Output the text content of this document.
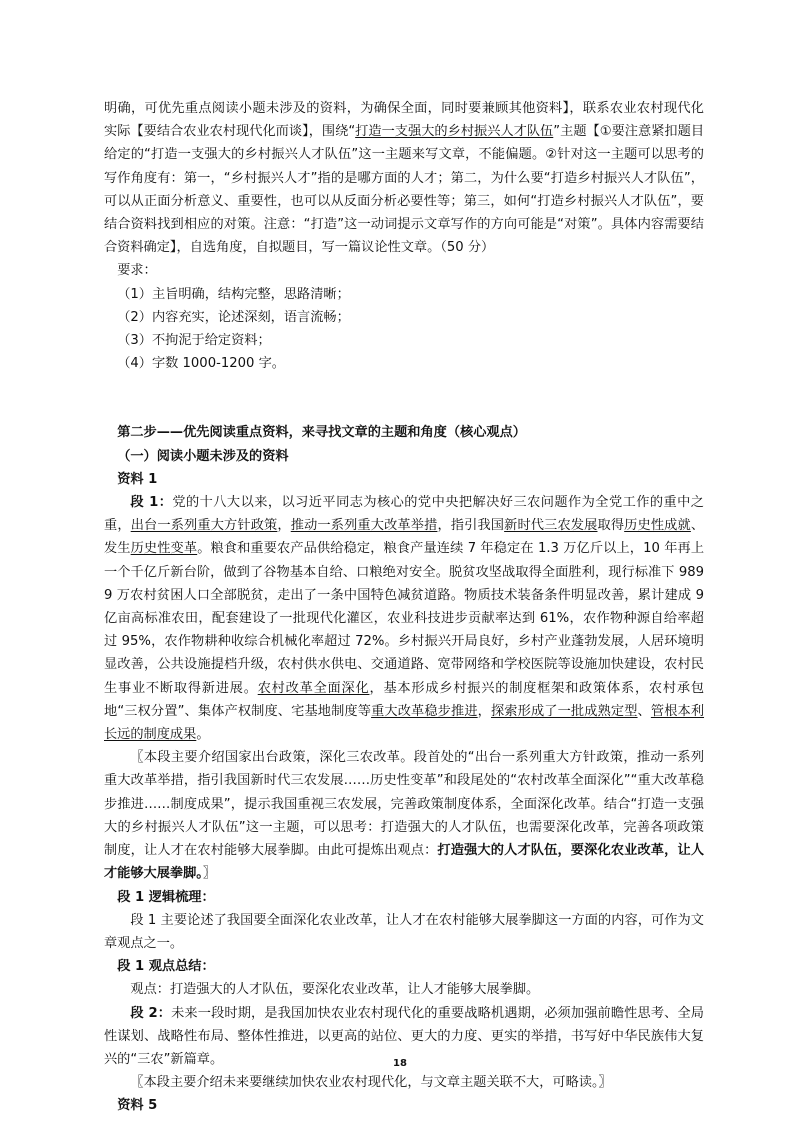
明确，可优先重点阅读小题未涉及的资料，为确保全面，同时要兼顾其他资料】，联系农业农村现代化实际【要结合农业农村现代化而谈】，围绕“打造一支强大的乡村振兴人才队伍”主题【①要注意紧扣题目给定的“打造一支强大的乡村振兴人才队伍”这一主题来写文章，不能偏题。②针对这一主题可以思考的写作角度有：第一，“乡村振兴人才”指的是哪方面的人才；第二，为什么要“打造乡村振兴人才队伍”，可以从正面分析意义、重要性，也可以从反面分析必要性等；第三，如何“打造乡村振兴人才队伍”，要结合资料找到相应的对策。注意：“打造”这一动词提示文章写作的方向可能是“对策”。具体内容需要结合资料确定】，自选角度，自拟题目，写一篇议论性文章。（50 分）

要求：

（1）主旨明确，结构完整，思路清晰；

（2）内容充实，论述深刻，语言流畅；

（3）不拘泥于给定资料；

（4）字数 1000-1200 字。

第二步——优先阅读重点资料，来寻找文章的主题和角度（核心观点）

（一）阅读小题未涉及的资料

资料 1

段 1：党的十八大以来，以习近平同志为核心的党中央把解决好三农问题作为全党工作的重中之重，出台一系列重大方针政策，推动一系列重大改革举措，指引我国新时代三农发展取得历史性成就、发生历史性变革。粮食和重要农产品供给稳定，粮食产量连续 7 年稳定在 1.3 万亿斤以上，10 年再上一个千亿斤新台阶，做到了谷物基本自给、口粮绝对安全。脱贫攻坚战取得全面胜利，现行标准下 9899 万农村贫困人口全部脱贫，走出了一条中国特色减贫道路。物质技术装备条件明显改善，累计建成 9 亿亩高标准农田，配套建设了一批现代化灌区，农业科技进步贡献率达到 61%，农作物种源自给率超过 95%，农作物耕种收综合机械化率超过 72%。乡村振兴开局良好，乡村产业蓬勃发展，人居环境明显改善，公共设施提档升级，农村供水供电、交通道路、宽带网络和学校医院等设施加快建设，农村民生事业不断取得新进展。农村改革全面深化，基本形成乡村振兴的制度框架和政策体系，农村承包地“三权分置”、集体产权制度、宅基地制度等重大改革稳步推进，探索形成了一批成熟定型、管根本利长远的制度成果。

〖本段主要介绍国家出台政策，深化三农改革。段首处的“出台一系列重大方针政策，推动一系列重大改革举措，指引我国新时代三农发展……历史性变革”和段尾处的“农村改革全面深化”“重大改革稳步推进……制度成果”，提示我国重视三农发展，完善政策制度体系，全面深化改革。结合“打造一支强大的乡村振兴人才队伍”这一主题，可以思考：打造强大的人才队伍，也需要深化改革，完善各项政策制度，让人才在农村能够大展拳脚。由此可提炼出观点：打造强大的人才队伍，要深化农业改革，让人才能够大展拳脚。〗

段 1 逻辑梳理：

段 1 主要论述了我国要全面深化农业改革，让人才在农村能够大展拳脚这一方面的内容，可作为文章观点之一。

段 1 观点总结：

观点：打造强大的人才队伍，要深化农业改革，让人才能够大展拳脚。

段 2：未来一段时期，是我国加快农业农村现代化的重要战略机遇期，必须加强前瞻性思考、全局性谋划、战略性布局、整体性推进，以更高的站位、更大的力度、更实的举措，书写好中华民族伟大复兴的“三农”新篇章。

〖本段主要介绍未来要继续加快农业农村现代化，与文章主题关联不大，可略读。〗

资料 5

18
